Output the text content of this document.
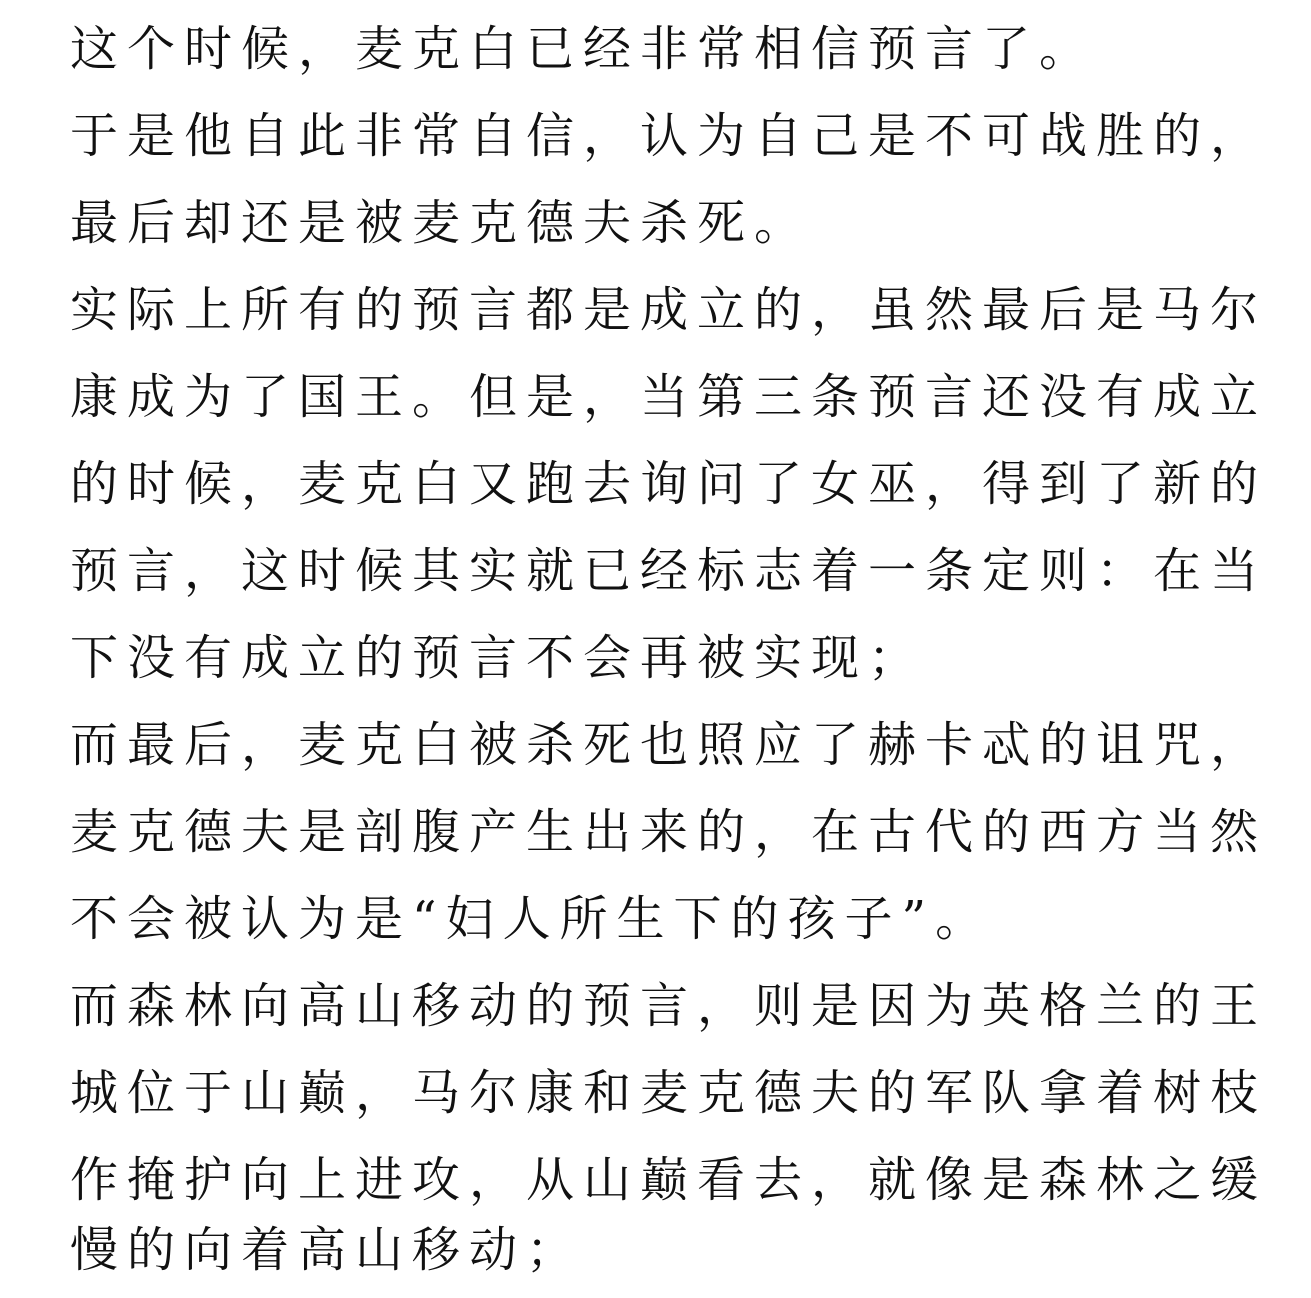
这个时候，麦克白已经非常相信预言了。
于是他自此非常自信，认为自己是不可战胜的，
最后却还是被麦克德夫杀死。
实际上所有的预言都是成立的，虽然最后是马尔
康成为了国王。但是，当第三条预言还没有成立
的时候，麦克白又跑去询问了女巫，得到了新的
预言，这时候其实就已经标志着一条定则：在当
下没有成立的预言不会再被实现；
而最后，麦克白被杀死也照应了赫卡忒的诅咒，
麦克德夫是剖腹产生出来的，在古代的西方当然
不会被认为是“妇人所生下的孩子”。
而森林向高山移动的预言，则是因为英格兰的王
城位于山巅，马尔康和麦克德夫的军队拿着树枝
作掩护向上进攻，从山巅看去，就像是森林之缓
慢的向着高山移动；
